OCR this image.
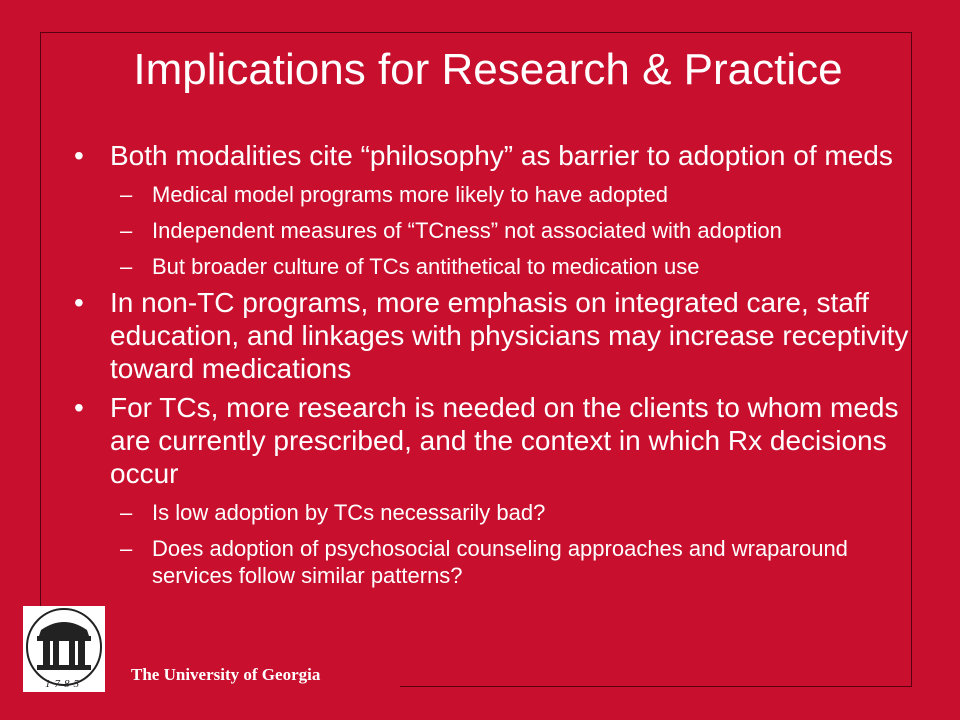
Implications for Research & Practice
• Both modalities cite “philosophy” as barrier to adoption of meds
– Medical model programs more likely to have adopted
– Independent measures of “TCness” not associated with adoption
– But broader culture of TCs antithetical to medication use
• In non-TC programs, more emphasis on integrated care, staff education, and linkages with physicians may increase receptivity toward medications
• For TCs, more research is needed on the clients to whom meds are currently prescribed, and the context in which Rx decisions occur
– Is low adoption by TCs necessarily bad?
– Does adoption of psychosocial counseling approaches and wraparound services follow similar patterns?
1785	The University of Georgia
